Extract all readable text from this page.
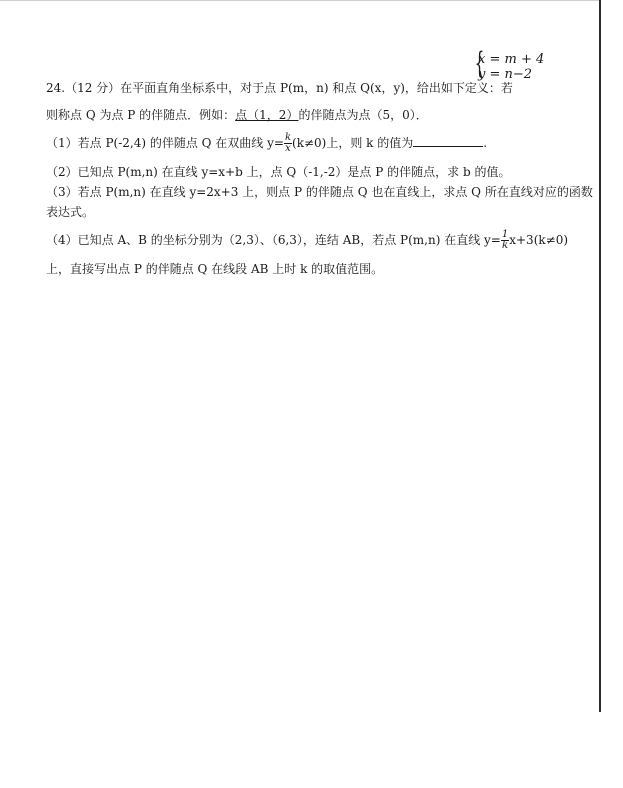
{
x = m + 4
y = n−2
24.（12 分）在平面直角坐标系中，对于点 P(m，n) 和点 Q(x，y)，给出如下定义：若
则称点 Q 为点 P 的伴随点．例如：点（1，2）的伴随点为点（5，0）．
（1）若点 P(-2,4) 的伴随点 Q 在双曲线 $y= \frac{k}{x} (k\ne 0)$上，则 k 的值为	.
（2）已知点 P(m,n) 在直线 y=x+b 上，点 Q（-1,-2）是点 P 的伴随点，求 b 的值。
（3）若点 P(m,n) 在直线 y=2x+3 上，则点 P 的伴随点 Q 也在直线上，求点 Q 所在直线对应的函数
表达式。
（4）已知点 A、B 的坐标分别为（2,3）、（6,3），连结 AB，若点 P(m,n) 在直线 $y= \frac{1}{k} x+3(k\ne 0)$
上，直接写出点 P 的伴随点 Q 在线段 AB 上时 k 的取值范围。
